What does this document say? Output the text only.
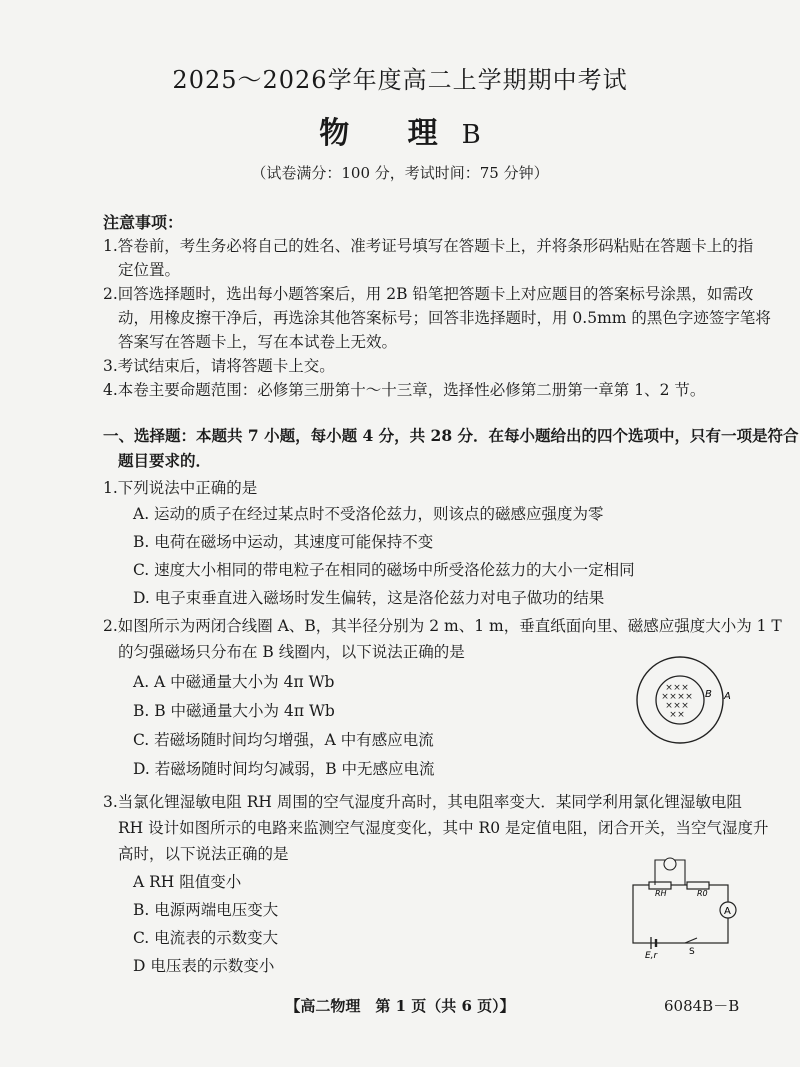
2025～2026学年度高二上学期期中考试
物 理B
（试卷满分：100 分，考试时间：75 分钟）
注意事项：
1.答卷前，考生务必将自己的姓名、准考证号填写在答题卡上，并将条形码粘贴在答题卡上的指
定位置。
2.回答选择题时，选出每小题答案后，用 2B 铅笔把答题卡上对应题目的答案标号涂黑，如需改
动，用橡皮擦干净后，再选涂其他答案标号；回答非选择题时，用 0.5mm 的黑色字迹签字笔将
答案写在答题卡上，写在本试卷上无效。
3.考试结束后，请将答题卡上交。
4.本卷主要命题范围：必修第三册第十～十三章，选择性必修第二册第一章第 1、2 节。
一、选择题：本题共 7 小题，每小题 4 分，共 28 分．在每小题给出的四个选项中，只有一项是符合
题目要求的．
1.下列说法中正确的是
A. 运动的质子在经过某点时不受洛伦兹力，则该点的磁感应强度为零
B. 电荷在磁场中运动，其速度可能保持不变
C. 速度大小相同的带电粒子在相同的磁场中所受洛伦兹力的大小一定相同
D. 电子束垂直进入磁场时发生偏转，这是洛伦兹力对电子做功的结果
2.如图所示为两闭合线圈 A、B，其半径分别为 2 m、1 m，垂直纸面向里、磁感应强度大小为 1 T
的匀强磁场只分布在 B 线圈内，以下说法正确的是
A. A 中磁通量大小为 4π Wb
B. B 中磁通量大小为 4π Wb
C. 若磁场随时间均匀增强，A 中有感应电流
D. 若磁场随时间均匀减弱，B 中无感应电流
× × ×
× × × ×
× × ×
× ×
B A
3.当氯化锂湿敏电阻 RH 周围的空气湿度升高时，其电阻率变大．某同学利用氯化锂湿敏电阻
RH 设计如图所示的电路来监测空气湿度变化，其中 R0 是定值电阻，闭合开关，当空气湿度升
高时，以下说法正确的是
A RH 阻值变小
B. 电源两端电压变大
C. 电流表的示数变大
D 电压表的示数变小
A
RH	R0
E,r	S
【高二物理　第 1 页（共 6 页）】	6084B－B
